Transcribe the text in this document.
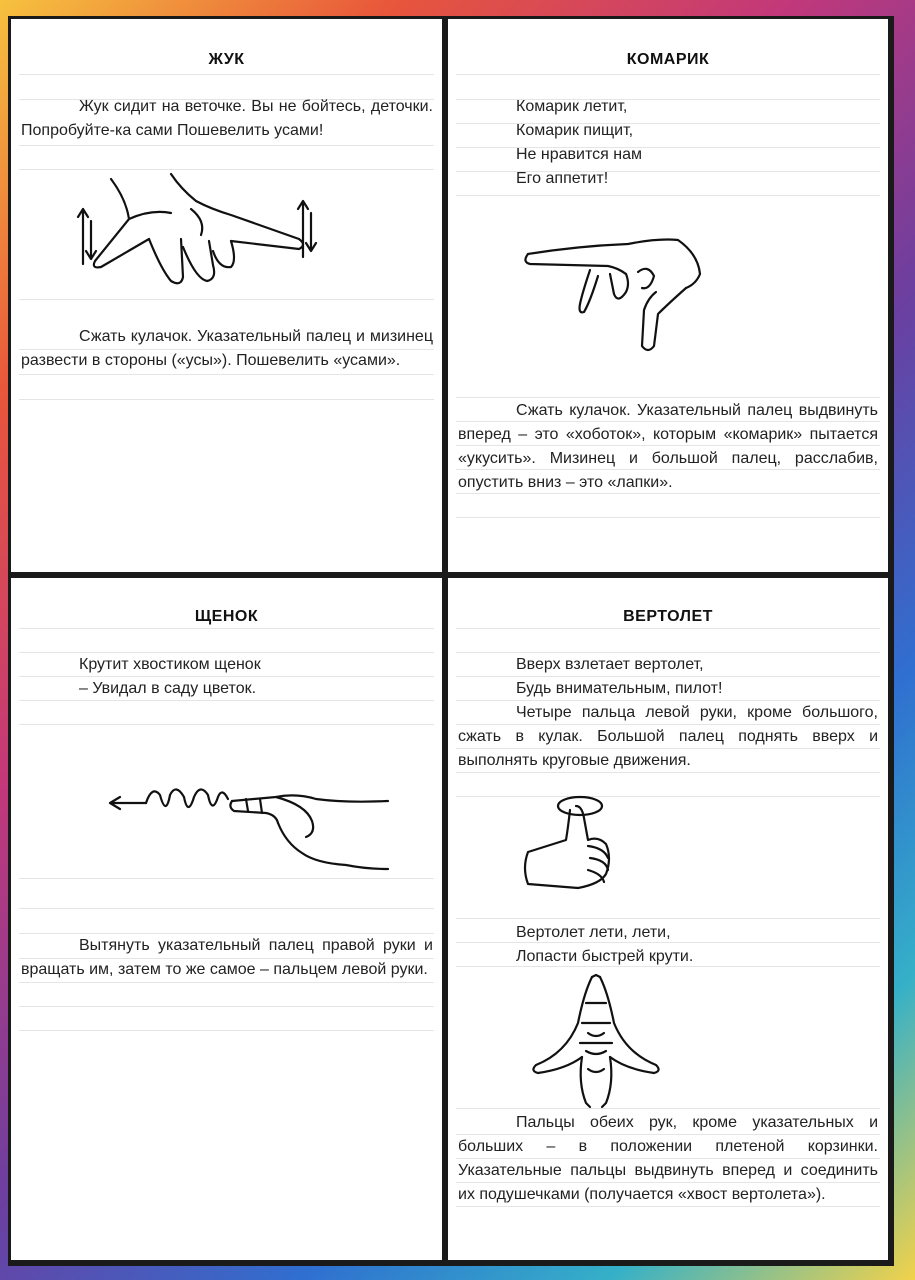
ЖУК
Жук сидит на веточке. Вы не бойтесь, деточки. Попробуйте-ка сами Пошевелить усами!
Сжать кулачок. Указательный палец и мизинец развести в стороны («усы»). Пошевелить «усами».
КОМАРИК
Комарик летит,
Комарик пищит,
Не нравится нам
Его аппетит!
Сжать кулачок. Указательный палец выдвинуть вперед – это «хоботок», которым «комарик» пытается «укусить». Мизинец и большой палец, расслабив, опустить вниз – это «лапки».
ЩЕНОК
Крутит хвостиком щенок
– Увидал в саду цветок.
Вытянуть указательный палец правой руки и вращать им, затем то же самое – пальцем левой руки.
ВЕРТОЛЕТ
Вверх взлетает вертолет,
Будь внимательным, пилот!
Четыре пальца левой руки, кроме большого, сжать в кулак. Большой палец поднять вверх и выполнять круговые движения.
Вертолет лети, лети,
Лопасти быстрей крути.
Пальцы обеих рук, кроме указательных и больших – в положении плетеной корзинки. Указательные пальцы выдвинуть вперед и соединить их подушечками (получается «хвост вертолета»).
